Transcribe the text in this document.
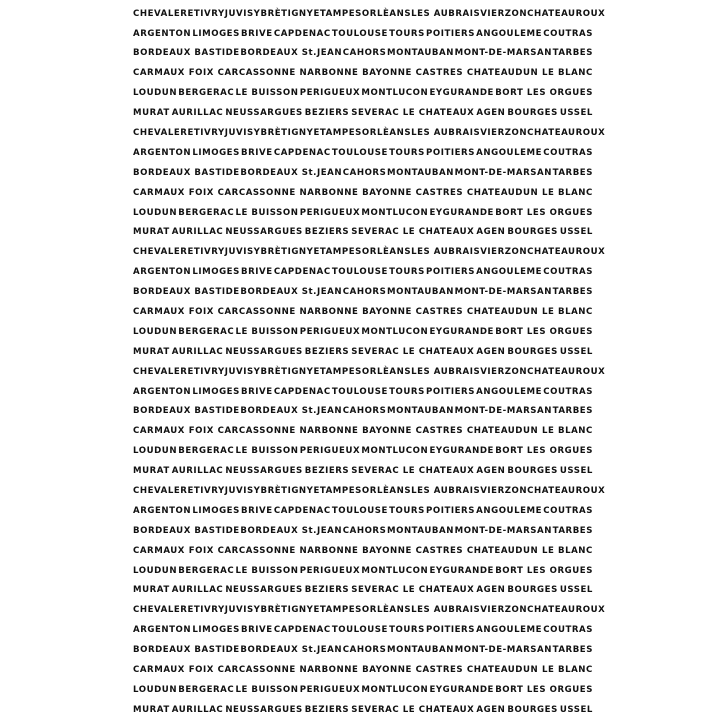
CHEVALERET IVRY JUVISY BRÈTIGNY ETAMPES ORLÈANS LES AUBRAIS VIERZON CHATEAUROUX
ARGENTON LIMOGES BRIVE CAPDENAC TOULOUSE TOURS POITIERS ANGOULEME COUTRAS
BORDEAUX BASTIDE BORDEAUX St.JEAN CAHORS MONTAUBAN MONT-DE-MARSAN TARBES
CARMAUX FOIX CARCASSONNE NARBONNE BAYONNE CASTRES CHATEAUDUN LE BLANC
LOUDUN BERGERAC LE BUISSON PERIGUEUX MONTLUCON EYGURANDE BORT LES ORGUES
MURAT AURILLAC NEUSSARGUES BEZIERS SEVERAC LE CHATEAUX AGEN BOURGES USSEL
CHEVALERET IVRY JUVISY BRÈTIGNY ETAMPES ORLÈANS LES AUBRAIS VIERZON CHATEAUROUX
ARGENTON LIMOGES BRIVE CAPDENAC TOULOUSE TOURS POITIERS ANGOULEME COUTRAS
BORDEAUX BASTIDE BORDEAUX St.JEAN CAHORS MONTAUBAN MONT-DE-MARSAN TARBES
CARMAUX FOIX CARCASSONNE NARBONNE BAYONNE CASTRES CHATEAUDUN LE BLANC
LOUDUN BERGERAC LE BUISSON PERIGUEUX MONTLUCON EYGURANDE BORT LES ORGUES
MURAT AURILLAC NEUSSARGUES BEZIERS SEVERAC LE CHATEAUX AGEN BOURGES USSEL
CHEVALERET IVRY JUVISY BRÈTIGNY ETAMPES ORLÈANS LES AUBRAIS VIERZON CHATEAUROUX
ARGENTON LIMOGES BRIVE CAPDENAC TOULOUSE TOURS POITIERS ANGOULEME COUTRAS
BORDEAUX BASTIDE BORDEAUX St.JEAN CAHORS MONTAUBAN MONT-DE-MARSAN TARBES
CARMAUX FOIX CARCASSONNE NARBONNE BAYONNE CASTRES CHATEAUDUN LE BLANC
LOUDUN BERGERAC LE BUISSON PERIGUEUX MONTLUCON EYGURANDE BORT LES ORGUES
MURAT AURILLAC NEUSSARGUES BEZIERS SEVERAC LE CHATEAUX AGEN BOURGES USSEL
CHEVALERET IVRY JUVISY BRÈTIGNY ETAMPES ORLÈANS LES AUBRAIS VIERZON CHATEAUROUX
ARGENTON LIMOGES BRIVE CAPDENAC TOULOUSE TOURS POITIERS ANGOULEME COUTRAS
BORDEAUX BASTIDE BORDEAUX St.JEAN CAHORS MONTAUBAN MONT-DE-MARSAN TARBES
CARMAUX FOIX CARCASSONNE NARBONNE BAYONNE CASTRES CHATEAUDUN LE BLANC
LOUDUN BERGERAC LE BUISSON PERIGUEUX MONTLUCON EYGURANDE BORT LES ORGUES
MURAT AURILLAC NEUSSARGUES BEZIERS SEVERAC LE CHATEAUX AGEN BOURGES USSEL
CHEVALERET IVRY JUVISY BRÈTIGNY ETAMPES ORLÈANS LES AUBRAIS VIERZON CHATEAUROUX
ARGENTON LIMOGES BRIVE CAPDENAC TOULOUSE TOURS POITIERS ANGOULEME COUTRAS
BORDEAUX BASTIDE BORDEAUX St.JEAN CAHORS MONTAUBAN MONT-DE-MARSAN TARBES
CARMAUX FOIX CARCASSONNE NARBONNE BAYONNE CASTRES CHATEAUDUN LE BLANC
LOUDUN BERGERAC LE BUISSON PERIGUEUX MONTLUCON EYGURANDE BORT LES ORGUES
MURAT AURILLAC NEUSSARGUES BEZIERS SEVERAC LE CHATEAUX AGEN BOURGES USSEL
CHEVALERET IVRY JUVISY BRÈTIGNY ETAMPES ORLÈANS LES AUBRAIS VIERZON CHATEAUROUX
ARGENTON LIMOGES BRIVE CAPDENAC TOULOUSE TOURS POITIERS ANGOULEME COUTRAS
BORDEAUX BASTIDE BORDEAUX St.JEAN CAHORS MONTAUBAN MONT-DE-MARSAN TARBES
CARMAUX FOIX CARCASSONNE NARBONNE BAYONNE CASTRES CHATEAUDUN LE BLANC
LOUDUN BERGERAC LE BUISSON PERIGUEUX MONTLUCON EYGURANDE BORT LES ORGUES
MURAT AURILLAC NEUSSARGUES BEZIERS SEVERAC LE CHATEAUX AGEN BOURGES USSEL
